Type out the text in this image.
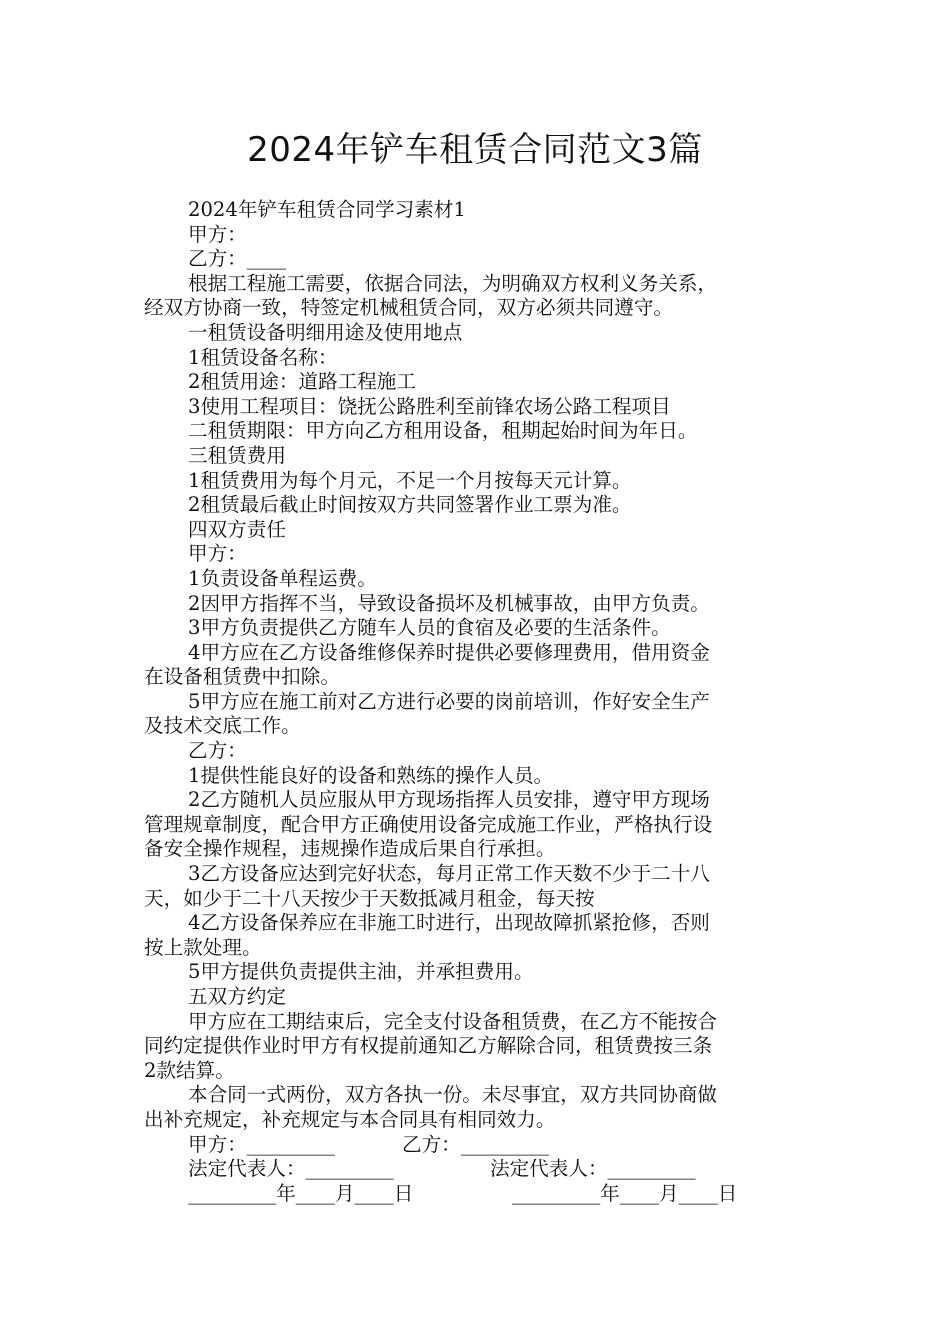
2024年铲车租赁合同范文3篇

2024年铲车租赁合同学习素材1

甲方：

乙方：____

根据工程施工需要，依据合同法，为明确双方权利义务关系，

经双方协商一致，特签定机械租赁合同，双方必须共同遵守。

一租赁设备明细用途及使用地点

1租赁设备名称：

2租赁用途：道路工程施工

3使用工程项目：饶抚公路胜利至前锋农场公路工程项目

二租赁期限：甲方向乙方租用设备，租期起始时间为年日。

三租赁费用

1租赁费用为每个月元，不足一个月按每天元计算。

2租赁最后截止时间按双方共同签署作业工票为准。

四双方责任

甲方：

1负责设备单程运费。

2因甲方指挥不当，导致设备损坏及机械事故，由甲方负责。

3甲方负责提供乙方随车人员的食宿及必要的生活条件。

4甲方应在乙方设备维修保养时提供必要修理费用，借用资金

在设备租赁费中扣除。

5甲方应在施工前对乙方进行必要的岗前培训，作好安全生产

及技术交底工作。

乙方：

1提供性能良好的设备和熟练的操作人员。

2乙方随机人员应服从甲方现场指挥人员安排，遵守甲方现场

管理规章制度，配合甲方正确使用设备完成施工作业，严格执行设

备安全操作规程，违规操作造成后果自行承担。

3乙方设备应达到完好状态，每月正常工作天数不少于二十八

天，如少于二十八天按少于天数抵减月租金，每天按

4乙方设备保养应在非施工时进行，出现故障抓紧抢修，否则

按上款处理。

5甲方提供负责提供主油，并承担费用。

五双方约定

甲方应在工期结束后，完全支付设备租赁费，在乙方不能按合

同约定提供作业时甲方有权提前通知乙方解除合同，租赁费按三条

2款结算。

本合同一式两份，双方各执一份。未尽事宜，双方共同协商做

出补充规定，补充规定与本合同具有相同效力。

甲方：_________	乙方：_________
法定代表人：_________	法定代表人：_________
_________年____月____日	_________年____月____日
